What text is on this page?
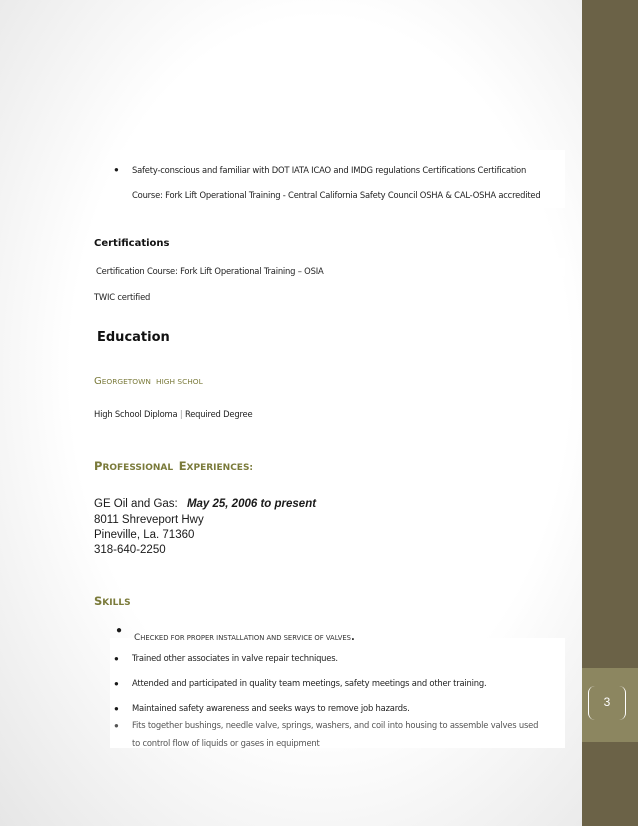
3
● Safety-conscious and familiar with DOT IATA ICAO and IMDG regulations Certifications Certification
Course: Fork Lift Operational Training - Central California Safety Council OSHA & CAL-OSHA accredited
Certifications
Certification Course: Fork Lift Operational Training – OSIA
TWIC certified
Education
GEORGETOWN HIGH SCHOL
High School Diploma | Required Degree
PROFESSIONAL EXPERIENCES:
GE Oil and Gas: May 25, 2006 to present
8011 Shreveport Hwy
Pineville, La. 71360
318-640-2250
SKILLS
●
CHECKED FOR PROPER INSTALLATION AND SERVICE OF VALVES.
● Trained other associates in valve repair techniques.
● Attended and participated in quality team meetings, safety meetings and other training.
● Maintained safety awareness and seeks ways to remove job hazards.
● Fits together bushings, needle valve, springs, washers, and coil into housing to assemble valves used
to control flow of liquids or gases in equipment
